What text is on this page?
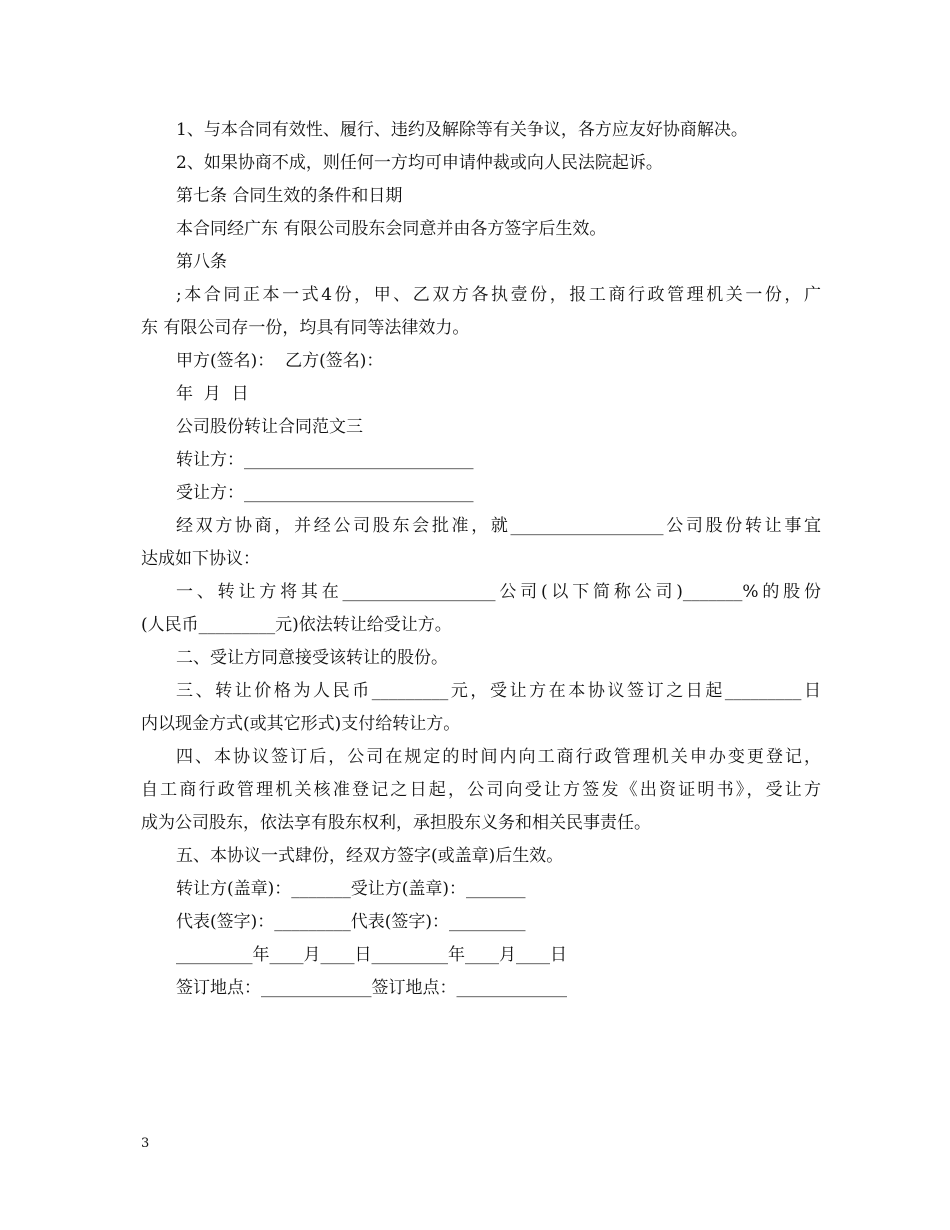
1、与本合同有效性、履行、违约及解除等有关争议，各方应友好协商解决。
2、如果协商不成，则任何一方均可申请仲裁或向人民法院起诉。
第七条 合同生效的条件和日期
本合同经广东 有限公司股东会同意并由各方签字后生效。
第八条
;本合同正本一式4份，甲、乙双方各执壹份，报工商行政管理机关一份，广
东 有限公司存一份，均具有同等法律效力。
甲方(签名)：  乙方(签名)：
年  月  日
公司股份转让合同范文三
转让方：___________________________
受让方：___________________________
经双方协商，并经公司股东会批准，就__________________公司股份转让事宜
达成如下协议：
一、转让方将其在__________________公司(以下简称公司)_______%的股份
(人民币_________元)依法转让给受让方。
二、受让方同意接受该转让的股份。
三、转让价格为人民币_________元，受让方在本协议签订之日起_________日
内以现金方式(或其它形式)支付给转让方。
四、本协议签订后，公司在规定的时间内向工商行政管理机关申办变更登记，
自工商行政管理机关核准登记之日起，公司向受让方签发《出资证明书》，受让方
成为公司股东，依法享有股东权利，承担股东义务和相关民事责任。
五、本协议一式肆份，经双方签字(或盖章)后生效。
转让方(盖章)：_______受让方(盖章)：_______
代表(签字)：_________代表(签字)：_________
_________年____月____日_________年____月____日
签订地点：_____________签订地点：_____________
3
